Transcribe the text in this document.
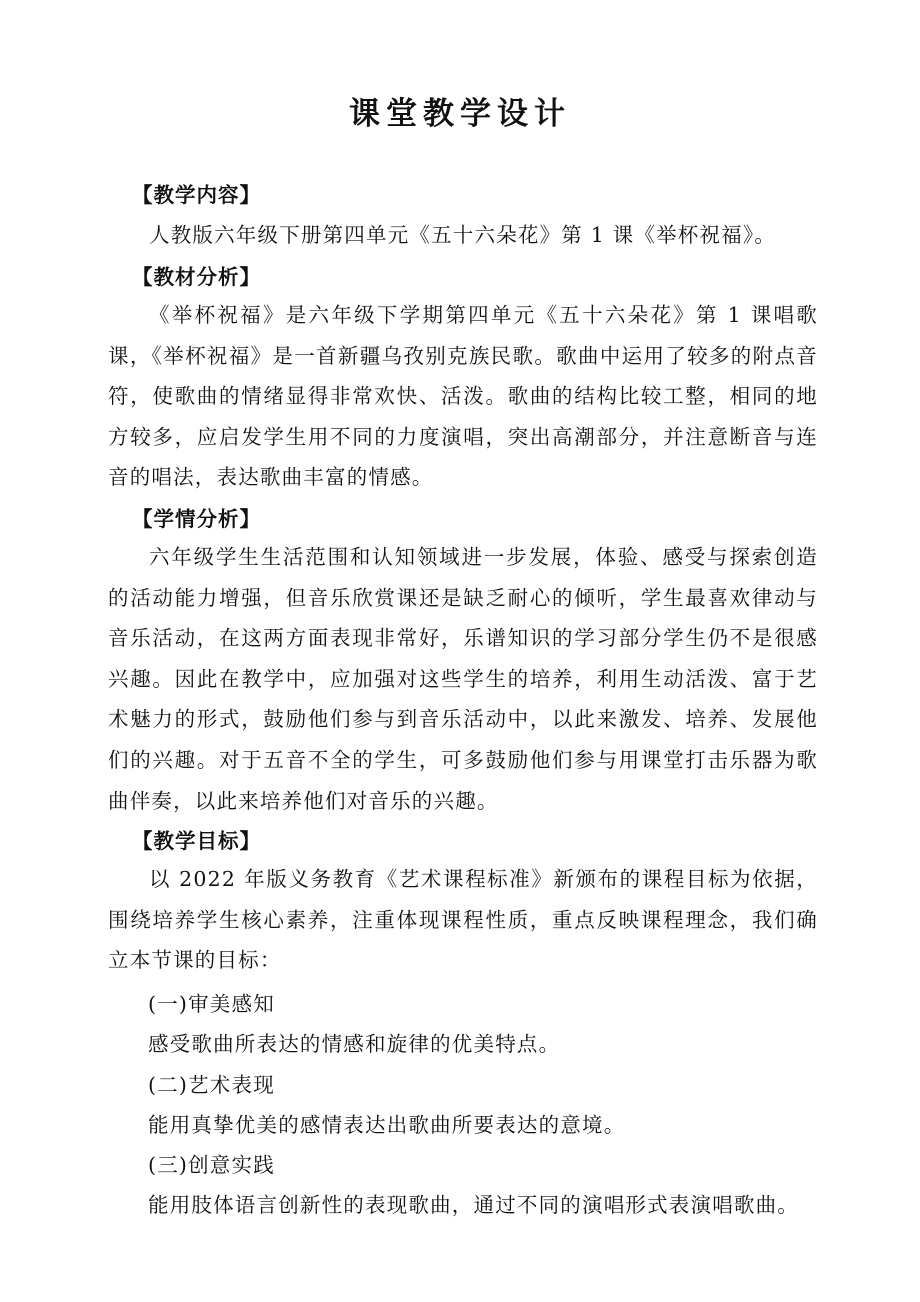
课堂教学设计
【教学内容】

人教版六年级下册第四单元《五十六朵花》第 1 课《举杯祝福》。

【教材分析】

《举杯祝福》是六年级下学期第四单元《五十六朵花》第 1 课唱歌课，《举杯祝福》是一首新疆乌孜别克族民歌。歌曲中运用了较多的附点音符，使歌曲的情绪显得非常欢快、活泼。歌曲的结构比较工整，相同的地方较多，应启发学生用不同的力度演唱，突出高潮部分，并注意断音与连音的唱法，表达歌曲丰富的情感。

【学情分析】

六年级学生生活范围和认知领域进一步发展，体验、感受与探索创造的活动能力增强，但音乐欣赏课还是缺乏耐心的倾听，学生最喜欢律动与音乐活动，在这两方面表现非常好，乐谱知识的学习部分学生仍不是很感兴趣。因此在教学中，应加强对这些学生的培养，利用生动活泼、富于艺术魅力的形式，鼓励他们参与到音乐活动中，以此来激发、培养、发展他们的兴趣。对于五音不全的学生，可多鼓励他们参与用课堂打击乐器为歌曲伴奏，以此来培养他们对音乐的兴趣。

【教学目标】

以 2022 年版义务教育《艺术课程标准》新颁布的课程目标为依据，围绕培养学生核心素养，注重体现课程性质，重点反映课程理念，我们确立本节课的目标：

(一)审美感知
感受歌曲所表达的情感和旋律的优美特点。
(二)艺术表现
能用真挚优美的感情表达出歌曲所要表达的意境。
(三)创意实践
能用肢体语言创新性的表现歌曲，通过不同的演唱形式表演唱歌曲。
